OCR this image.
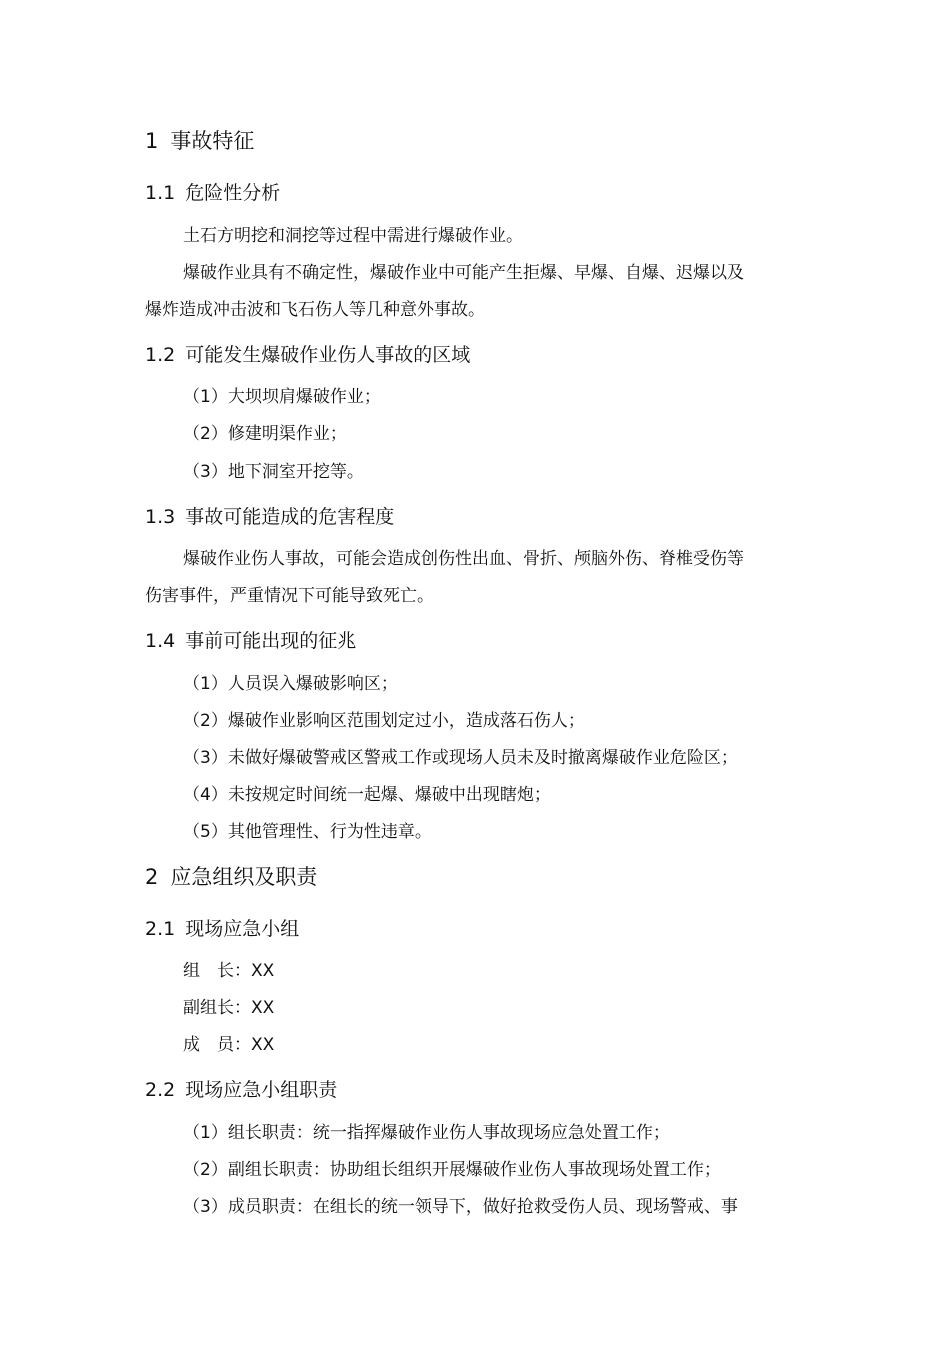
1 事故特征
1.1 危险性分析
土石方明挖和洞挖等过程中需进行爆破作业。
爆破作业具有不确定性，爆破作业中可能产生拒爆、早爆、自爆、迟爆以及
爆炸造成冲击波和飞石伤人等几种意外事故。
1.2 可能发生爆破作业伤人事故的区域
（1）大坝坝肩爆破作业；
（2）修建明渠作业；
（3）地下洞室开挖等。
1.3 事故可能造成的危害程度
爆破作业伤人事故，可能会造成创伤性出血、骨折、颅脑外伤、脊椎受伤等
伤害事件，严重情况下可能导致死亡。
1.4 事前可能出现的征兆
（1）人员误入爆破影响区；
（2）爆破作业影响区范围划定过小，造成落石伤人；
（3）未做好爆破警戒区警戒工作或现场人员未及时撤离爆破作业危险区；
（4）未按规定时间统一起爆、爆破中出现瞎炮；
（5）其他管理性、行为性违章。
2 应急组织及职责
2.1 现场应急小组
组　长：XX
副组长：XX
成　员：XX
2.2 现场应急小组职责
（1）组长职责：统一指挥爆破作业伤人事故现场应急处置工作；
（2）副组长职责：协助组长组织开展爆破作业伤人事故现场处置工作；
（3）成员职责：在组长的统一领导下，做好抢救受伤人员、现场警戒、事
